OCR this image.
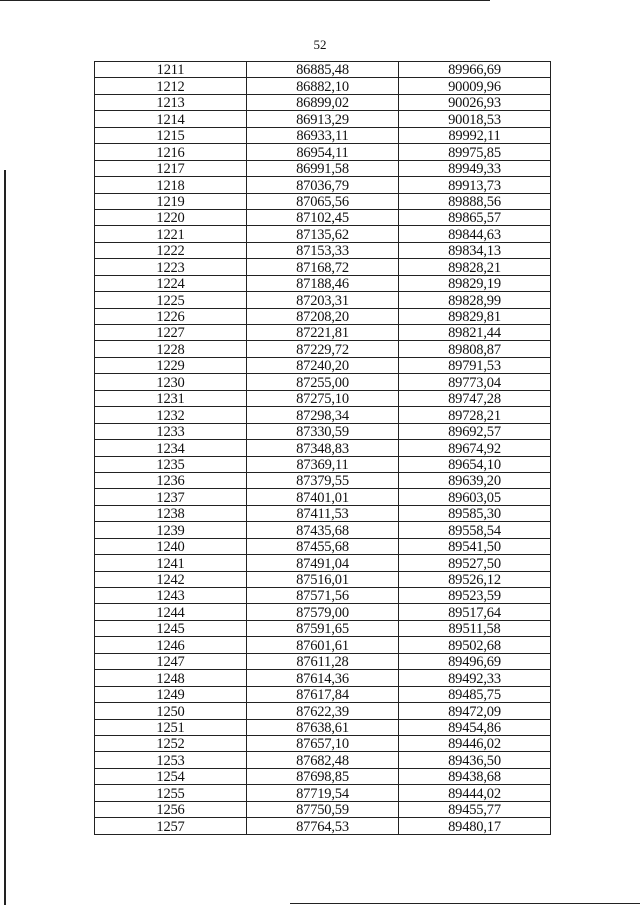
52
1211	86885,48	89966,69
1212	86882,10	90009,96
1213	86899,02	90026,93
1214	86913,29	90018,53
1215	86933,11	89992,11
1216	86954,11	89975,85
1217	86991,58	89949,33
1218	87036,79	89913,73
1219	87065,56	89888,56
1220	87102,45	89865,57
1221	87135,62	89844,63
1222	87153,33	89834,13
1223	87168,72	89828,21
1224	87188,46	89829,19
1225	87203,31	89828,99
1226	87208,20	89829,81
1227	87221,81	89821,44
1228	87229,72	89808,87
1229	87240,20	89791,53
1230	87255,00	89773,04
1231	87275,10	89747,28
1232	87298,34	89728,21
1233	87330,59	89692,57
1234	87348,83	89674,92
1235	87369,11	89654,10
1236	87379,55	89639,20
1237	87401,01	89603,05
1238	87411,53	89585,30
1239	87435,68	89558,54
1240	87455,68	89541,50
1241	87491,04	89527,50
1242	87516,01	89526,12
1243	87571,56	89523,59
1244	87579,00	89517,64
1245	87591,65	89511,58
1246	87601,61	89502,68
1247	87611,28	89496,69
1248	87614,36	89492,33
1249	87617,84	89485,75
1250	87622,39	89472,09
1251	87638,61	89454,86
1252	87657,10	89446,02
1253	87682,48	89436,50
1254	87698,85	89438,68
1255	87719,54	89444,02
1256	87750,59	89455,77
1257	87764,53	89480,17
